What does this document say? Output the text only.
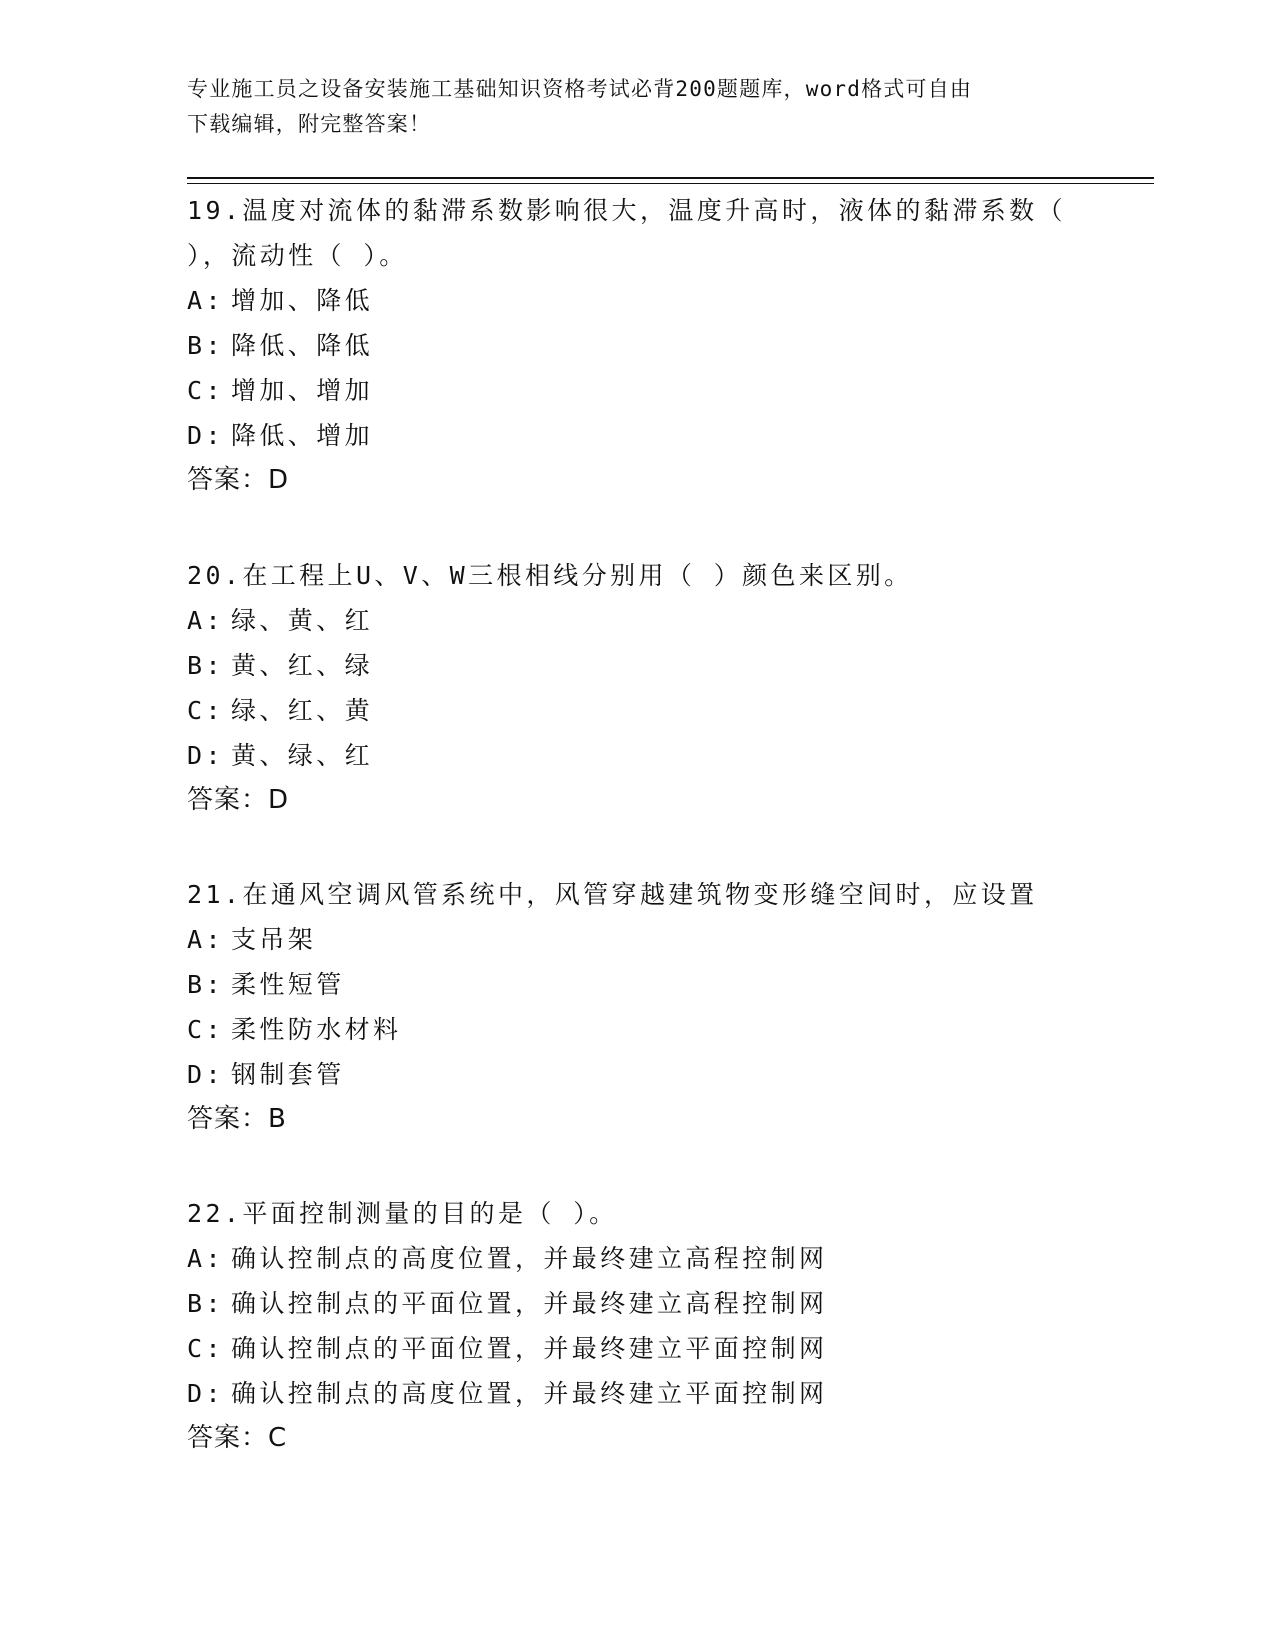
专业施工员之设备安装施工基础知识资格考试必背200题题库，word格式可自由
下载编辑，附完整答案！

19.温度对流体的黏滞系数影响很大，温度升高时，液体的黏滞系数（ ），流动性（ ）。

A: 增加、降低
B: 降低、降低
C: 增加、增加
D: 降低、增加
答案：D

20.在工程上U、V、W三根相线分别用（ ）颜色来区别。

A: 绿、黄、红
B: 黄、红、绿
C: 绿、红、黄
D: 黄、绿、红
答案：D

21.在通风空调风管系统中，风管穿越建筑物变形缝空间时，应设置

A: 支吊架
B: 柔性短管
C: 柔性防水材料
D: 钢制套管
答案：B

22.平面控制测量的目的是（ ）。

A: 确认控制点的高度位置，并最终建立高程控制网
B: 确认控制点的平面位置，并最终建立高程控制网
C: 确认控制点的平面位置，并最终建立平面控制网
D: 确认控制点的高度位置，并最终建立平面控制网
答案：C
